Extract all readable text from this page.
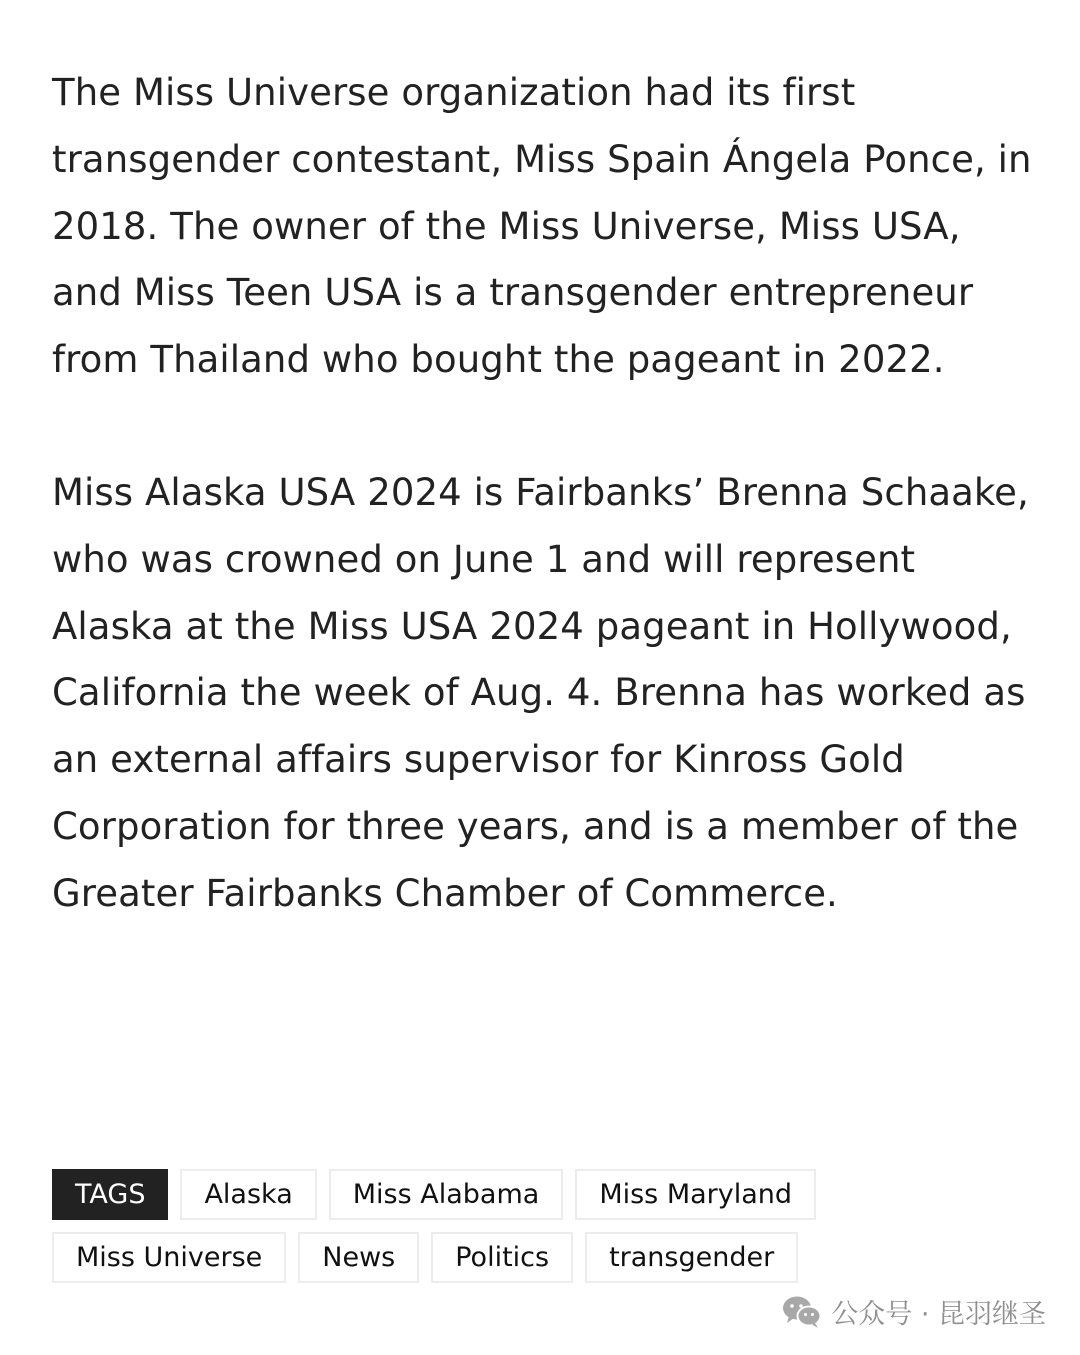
The Miss Universe organization had its first transgender contestant, Miss Spain Ángela Ponce, in 2018. The owner of the Miss Universe, Miss USA, and Miss Teen USA is a transgender entrepreneur from Thailand who bought the pageant in 2022.

Miss Alaska USA 2024 is Fairbanks’ Brenna Schaake, who was crowned on June 1 and will represent Alaska at the Miss USA 2024 pageant in Hollywood, California the week of Aug. 4. Brenna has worked as an external affairs supervisor for Kinross Gold Corporation for three years, and is a member of the Greater Fairbanks Chamber of Commerce.

TAGS	Alaska	Miss Alabama	Miss Maryland
Miss Universe	News	Politics	transgender
公众号 · 昆羽继圣
